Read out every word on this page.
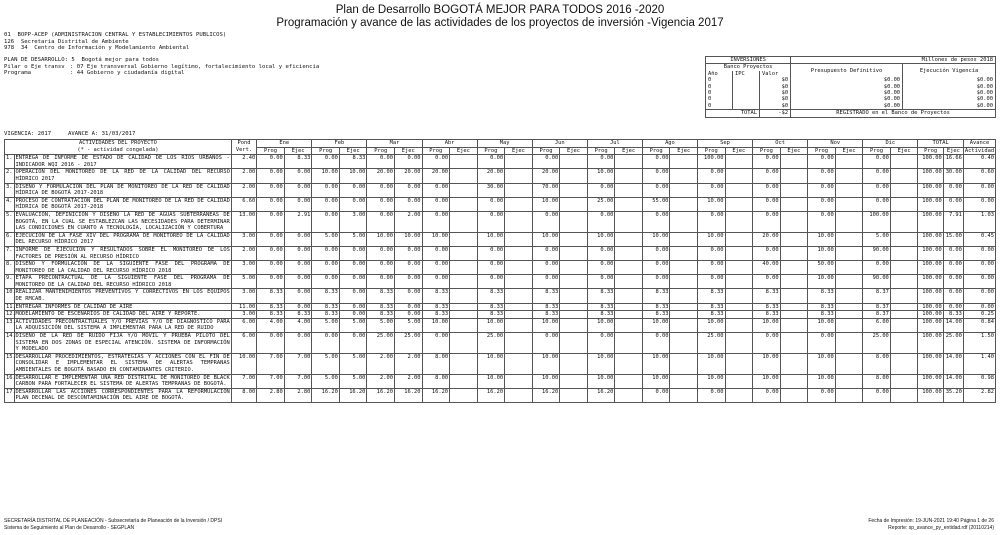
Plan de Desarrollo BOGOTÁ MEJOR PARA TODOS 2016 -2020
Programación y avance de las actividades de los proyectos de inversión -Vigencia 2017
01  BOPP-ACEP (ADMINISTRACION CENTRAL Y ESTABLECIMIENTOS PUBLICOS)
126  Secretaria Distrital de Ambiente
978  34  Centro de Información y Modelamiento Ambiental
PLAN DE DESARROLLO: 5  Bogotá mejor para todos
Pilar o Eje transv : 07 Eje transversal Gobierno legítimo, fortalecimiento local y eficiencia
Programa	: 44 Gobierno y ciudadanía digital
INVERSIONES			Millones de pesos 2018	
Banco Proyectos			Presupuesto Definitivo	Ejecución Vigencia
Año	IPC	Valor		
0		$0	$0.00	$0.00
0		$0	$0.00	$0.00
0		$0	$0.00	$0.00
0		$0	$0.00	$0.00
0		$0	$0.00	$0.00
TOTAL		-$2	REGISTRADO en el Banco de Proyectos	
VIGENCIA: 2017	AVANCE A: 31/03/2017
ACTIVIDADES DEL PROYECTO
(* - actividad congelada)		Pond
Vert.	Ene		Feb		Mar		Abr		May		Jun		Jul		Ago		Sep		Oct		Nov		Dic		TOTAL		Avance
			Prog	Ejec	Prog	Ejec	Prog	Ejec	Prog	Ejec	Prog	Ejec	Prog	Ejec	Prog	Ejec	Prog	Ejec	Prog	Ejec	Prog	Ejec	Prog	Ejec	Prog	Ejec	Prog	Ejec	Actividad
1.	ENTREGA DE INFORME DE ESTADO DE CALIDAD DE LOS RÍOS URBANOS - INDICADOR WQI 2016 - 2017	2.40	0.00	8.33	0.00	8.33	0.00	0.00	0.00		0.00		0.00		0.00		0.00		100.00		0.00		0.00		0.00		100.00	16.66	0.40
2.	OPERACIÓN DEL MONITOREO DE LA RED DE LA CALIDAD DEL RECURSO HÍDRICO 2017	2.00	0.00	0.00	10.00	10.00	20.00	20.00	20.00		20.00		20.00		10.00		0.00		0.00		0.00		0.00		0.00		100.00	30.00	0.60
3.	DISEÑO Y FORMULACIÓN DEL PLAN DE MONITOREO DE LA RED DE CALIDAD HÍDRICA DE BOGOTÁ 2017-2018	2.00	0.00	0.00	0.00	0.00	0.00	0.00	0.00		30.00		70.00		0.00		0.00		0.00		0.00		0.00		0.00		100.00	0.00	0.00
4.	PROCESO DE CONTRATACIÓN DEL PLAN DE MONITOREO DE LA RED DE CALIDAD HÍDRICA DE BOGOTÁ 2017-2018	6.60	0.00	0.00	0.00	0.00	0.00	0.00	0.00		0.00		10.00		25.00		55.00		10.00		0.00		0.00		0.00		100.00	0.00	0.00
5.	EVALUACIÓN, DEFINICIÓN Y DISEÑO LA RED DE AGUAS SUBTERRÁNEAS DE BOGOTÁ, EN LA CUAL SE ESTABLEZCAN LAS NECESIDADES PARA DETERMINAR LAS CONDICIONES EN CUANTO A TECNOLOGÍA, LOCALIZACIÓN Y COBERTURA	13.00	0.00	2.91	0.00	3.00	0.00	2.00	0.00		0.00		0.00		0.00		0.00		0.00		0.00		0.00		100.00		100.00	7.91	1.03
6.	EJECUCIÓN DE LA FASE XIV DEL PROGRAMA DE MONITOREO DE LA CALIDAD DEL RECURSO HÍDRICO 2017	3.00	0.00	0.00	5.00	5.00	10.00	10.00	10.00		10.00		10.00		10.00		10.00		10.00		20.00		10.00		5.00		100.00	15.00	0.45
7.	INFORME DE EJECUCIÓN Y RESULTADOS SOBRE EL MONITOREO DE LOS FACTORES DE PRESIÓN AL RECURSO HÍDRICO	2.00	0.00	0.00	0.00	0.00	0.00	0.00	0.00		0.00		0.00		0.00		0.00		0.00		0.00		10.00		90.00		100.00	0.00	0.00
8.	DISEÑO Y FORMULACIÓN DE LA SIGUIENTE FASE DEL PROGRAMA DE MONITOREO DE LA CALIDAD DEL RECURSO HÍDRICO 2018	3.00	0.00	0.00	0.00	0.00	0.00	0.00	0.00		0.00		0.00		0.00		0.00		0.00		40.00		50.00		0.00		100.00	0.00	0.00
9.	ETAPA PRECONTRACTUAL DE LA SIGUIENTE FASE DEL PROGRAMA DE MONITOREO DE LA CALIDAD DEL RECURSO HÍDRICO 2018	5.00	0.00	0.00	0.00	0.00	0.00	0.00	0.00		0.00		0.00		0.00		0.00		0.00		0.00		10.00		90.00		100.00	0.00	0.00
10.	REALIZAR MANTENIMIENTOS PREVENTIVOS Y CORRECTIVOS EN LOS EQUIPOS DE RMCAB.	3.00	8.33	0.00	8.33	0.00	8.33	0.00	8.33		8.33		8.33		8.33		8.33		8.33		8.33		8.33		8.37		100.00	0.00	0.00
11.	ENTREGAR INFORMES DE CALIDAD DE AIRE	11.00	8.33	0.00	8.33	0.00	8.33	0.00	8.33		8.33		8.33		8.33		8.33		8.33		8.33		8.33		8.37		100.00	0.00	0.00
12.	MODELAMIENTO DE ESCENARIOS DE CALIDAD DEL AIRE Y REPORTE.	3.00	8.33	8.33	8.33	0.00	8.33	0.00	8.33		8.33		8.33		8.33		8.33		8.33		8.33		8.33		8.37		100.00	8.33	0.25
13.	ACTIVIDADES PRECONTRACTUALES Y/O PREVIAS Y/O DE DIAGNÓSTICO PARA LA ADQUISICIÓN DEL SISTEMA A IMPLEMENTAR PARA LA RED DE RUIDO	6.00	4.00	4.00	5.00	5.00	5.00	5.00	10.00		10.00		10.00		10.00		10.00		10.00		10.00		10.00		6.00		100.00	14.00	0.84
14.	DISEÑO DE LA RED DE RUIDO FIJA Y/O MÓVIL Y PRUEBA PILOTO DEL SISTEMA EN DOS ZONAS DE ESPECIAL ATENCIÓN. SISTEMA DE INFORMACIÓN Y MODELADO	6.00	0.00	0.00	0.00	0.00	25.00	25.00	0.00		25.00		0.00		0.00		0.00		25.00		0.00		0.00		25.00		100.00	25.00	1.50
15.	DESARROLLAR PROCEDIMIENTOS, ESTRATEGIAS Y ACCIONES CON EL FIN DE CONSOLIDAR E IMPLEMENTAR EL SISTEMA DE ALERTAS TEMPRANAS AMBIENTALES DE BOGOTÁ BASADO EN CONTAMINANTES CRITERIO.	10.00	7.00	7.00	5.00	5.00	2.00	2.00	8.00		10.00		10.00		10.00		10.00		10.00		10.00		10.00		8.00		100.00	14.00	1.40
16.	DESARROLLAR E IMPLEMENTAR UNA RED DISTRITAL DE MONITOREO DE BLACK CARBON PARA FORTALECER EL SISTEMA DE ALERTAS TEMPRANAS DE BOGOTÁ.	7.00	7.00	7.00	5.00	5.00	2.00	2.00	8.00		10.00		10.00		10.00		10.00		10.00		10.00		10.00		8.00		100.00	14.00	0.98
17.	DESARROLLAR LAS ACCIONES CORRESPONDIENTES PARA LA REFORMULACIÓN PLAN DECENAL DE DESCONTAMINACIÓN DEL AIRE DE BOGOTÁ.	8.00	2.80	2.80	16.20	16.20	16.20	16.20	16.20		16.20		16.20		16.20		0.00		0.00		0.00		0.00		0.00		100.00	35.20	2.82
SECRETARÍA DISTRITAL DE PLANEACIÓN - Subsecretaría de Planeación de la Inversión / DPSI
Sistema de Seguimiento al Plan de Desarrollo - SEGPLAN
Fecha de Impresión: 19-JUN-2021 19:40 Página 1 de 26
Reporte: sp_avance_py_entidad.rdf (20110214)
